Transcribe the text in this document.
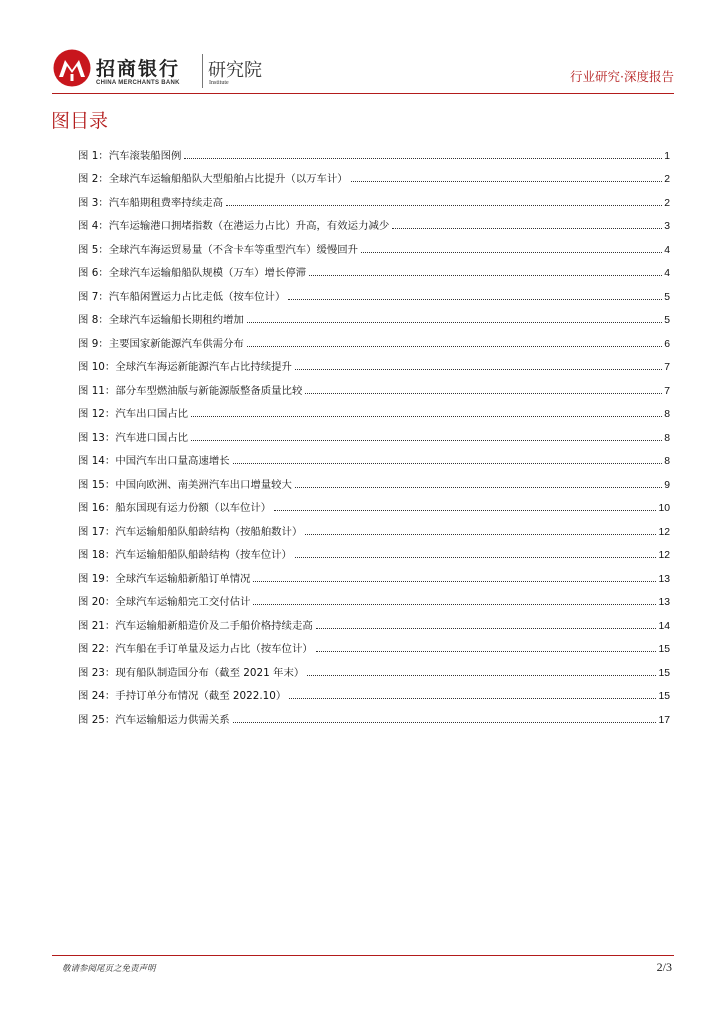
招商银行
CHINA MERCHANTS BANK
研究院
Institute	行业研究·深度报告
图目录
图 1： 汽车滚装船图例	1
图 2： 全球汽车运输船船队大型船舶占比提升（以万车计）	2
图 3： 汽车船期租费率持续走高	2
图 4： 汽车运输港口拥堵指数（在港运力占比）升高，有效运力减少	3
图 5： 全球汽车海运贸易量（不含卡车等重型汽车）缓慢回升	4
图 6： 全球汽车运输船船队规模（万车）增长停滞	4
图 7： 汽车船闲置运力占比走低（按车位计）	5
图 8： 全球汽车运输船长期租约增加	5
图 9： 主要国家新能源汽车供需分布	6
图 10： 全球汽车海运新能源汽车占比持续提升	7
图 11： 部分车型燃油版与新能源版整备质量比较	7
图 12： 汽车出口国占比	8
图 13： 汽车进口国占比	8
图 14： 中国汽车出口量高速增长	8
图 15： 中国向欧洲、南美洲汽车出口增量较大	9
图 16： 船东国现有运力份额（以车位计）	10
图 17： 汽车运输船船队船龄结构（按船舶数计）	12
图 18： 汽车运输船船队船龄结构（按车位计）	12
图 19： 全球汽车运输船新船订单情况	13
图 20： 全球汽车运输船完工交付估计	13
图 21： 汽车运输船新船造价及二手船价格持续走高	14
图 22： 汽车船在手订单量及运力占比（按车位计）	15
图 23： 现有船队制造国分布（截至 2021 年末）	15
图 24： 手持订单分布情况（截至 2022.10）	15
图 25： 汽车运输船运力供需关系	17
敬请参阅尾页之免责声明	2/3
